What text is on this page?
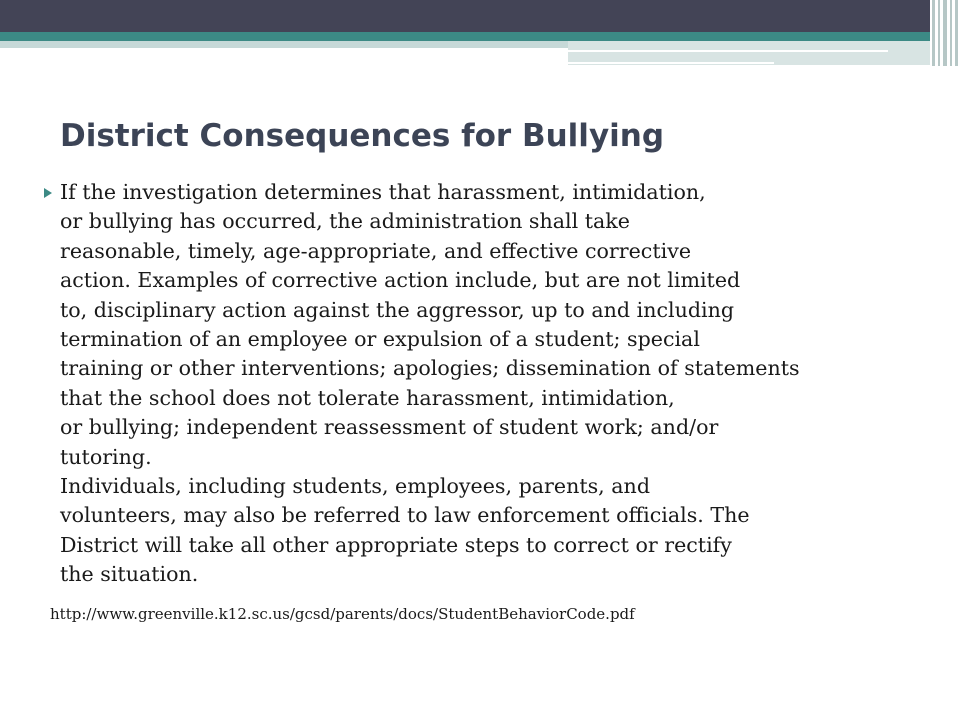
District Consequences for Bullying
If the investigation determines that harassment, intimidation,
or bullying has occurred, the administration shall take
reasonable, timely, age-appropriate, and effective corrective
action. Examples of corrective action include, but are not limited
to, disciplinary action against the aggressor, up to and including
termination of an employee or expulsion of a student; special
training or other interventions; apologies; dissemination of statements
that the school does not tolerate harassment, intimidation,
or bullying; independent reassessment of student work; and/or
tutoring.
Individuals, including students, employees, parents, and
volunteers, may also be referred to law enforcement officials. The
District will take all other appropriate steps to correct or rectify
the situation.
http://www.greenville.k12.sc.us/gcsd/parents/docs/StudentBehaviorCode.pdf
